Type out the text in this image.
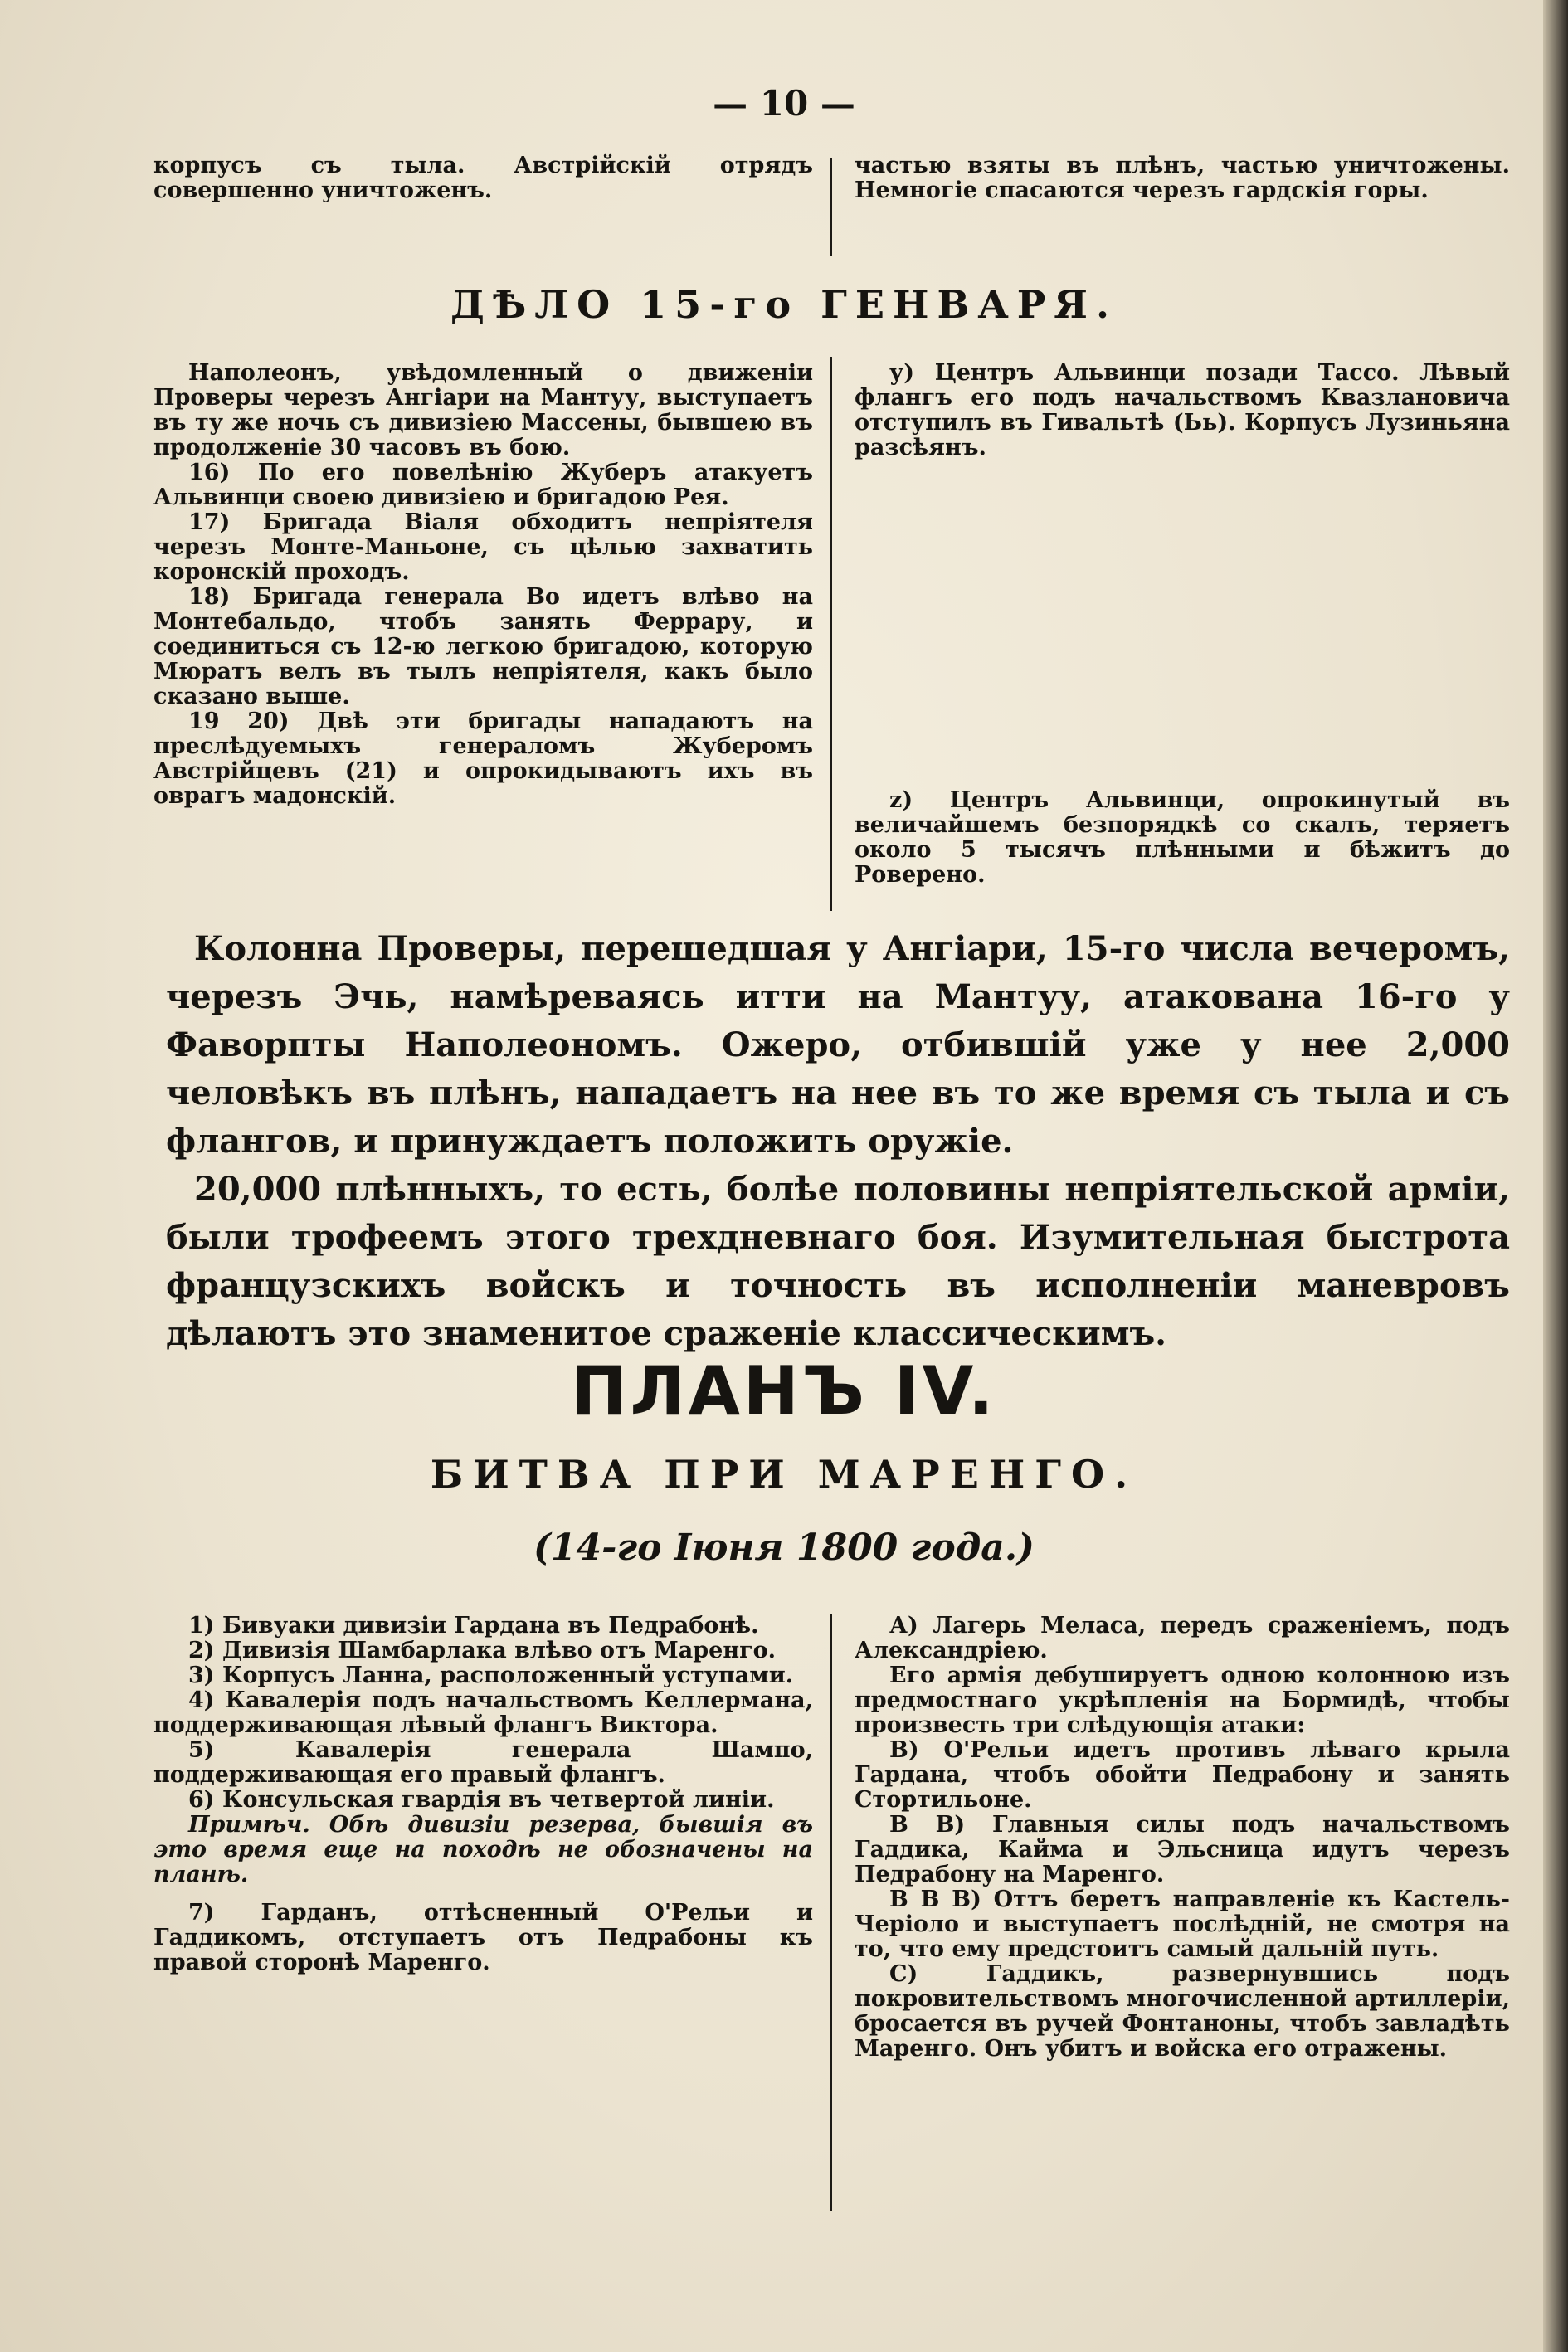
— 10 —

корпусъ съ тыла. Австрійскій отрядъ совершенно уничтоженъ.

частью взяты въ плѣнъ, частью уничтожены. Немногіе спасаются черезъ гардскія горы.

ДѢЛО 15-го ГЕНВАРЯ.

Наполеонъ, увѣдомленный о движеніи Проверы черезъ Ангіари на Мантуу, выступаетъ въ ту же ночь съ дивизіею Массены, бывшею въ продолженіе 30 часовъ въ бою.

16) По его повелѣнію Жуберъ атакуетъ Альвинци своею дивизіею и бригадою Рея.

17) Бригада Віаля обходитъ непріятеля черезъ Монте-Маньоне, съ цѣлью захватить коронскій проходъ.

18) Бригада генерала Во идетъ влѣво на Монтебальдо, чтобъ занять Феррару, и соединиться съ 12-ю легкою бригадою, которую Мюратъ велъ въ тылъ непріятеля, какъ было сказано выше.

19 20) Двѣ эти бригады нападаютъ на преслѣдуемыхъ генераломъ Жуберомъ Австрійцевъ (21) и опрокидываютъ ихъ въ оврагъ мадонскій.

у) Центръ Альвинци позади Тассо. Лѣвый флангъ его подъ начальствомъ Квазлановича отступилъ въ Гивальтѣ (Ьь). Корпусъ Лузиньяна разсѣянъ.

z) Центръ Альвинци, опрокинутый въ величайшемъ безпорядкѣ со скалъ, теряетъ около 5 тысячъ плѣнными и бѣжитъ до Роверено.

Колонна Проверы, перешедшая у Ангіари, 15-го числа вечеромъ, черезъ Эчь, намѣреваясь итти на Мантуу, атакована 16-го у Фаворпты Наполеономъ. Ожеро, отбившій уже у нее 2,000 человѣкъ въ плѣнъ, нападаетъ на нее въ то же время съ тыла и съ флангов, и принуждаетъ положить оружіе.

20,000 плѣнныхъ, то есть, болѣе половины непріятельской арміи, были трофеемъ этого трехдневнаго боя. Изумительная быстрота французскихъ войскъ и точность въ исполненіи маневровъ дѣлаютъ это знаменитое сраженіе классическимъ.

ПЛАНЪ IV.
БИТВА ПРИ МАРЕНГО.
(14-го Іюня 1800 года.)

1) Бивуаки дивизіи Гардана въ Педрабонѣ.

2) Дивизія Шамбарлака влѣво отъ Маренго.

3) Корпусъ Ланна, расположенный уступами.

4) Кавалерія подъ начальствомъ Келлермана, поддерживающая лѣвый флангъ Виктора.

5) Кавалерія генерала Шампо, поддерживающая его правый флангъ.

6) Консульская гвардія въ четвертой линіи.

Примѣч. Обѣ дивизіи резерва, бывшія въ это время еще на походѣ не обозначены на планѣ.

7) Гарданъ, оттѣсненный О'Рельи и Гаддикомъ, отступаетъ отъ Педрабоны къ правой сторонѣ Маренго.

А) Лагерь Меласа, передъ сраженіемъ, подъ Александріею.

Его армія дебушируетъ одною колонною изъ предмостнаго укрѣпленія на Бормидѣ, чтобы произвесть три слѣдующія атаки:

В) О'Рельи идетъ противъ лѣваго крыла Гардана, чтобъ обойти Педрабону и занять Стортильоне.

В В) Главныя силы подъ начальствомъ Гаддика, Кайма и Эльсница идутъ черезъ Педрабону на Маренго.

В В В) Оттъ беретъ направленіе къ Кастель-Черіоло и выступаетъ послѣдній, не смотря на то, что ему предстоитъ самый дальній путь.

С) Гаддикъ, развернувшись подъ покровительствомъ многочисленной артиллеріи, бросается въ ручей Фонтаноны, чтобъ завладѣть Маренго. Онъ убитъ и войска его отражены.
